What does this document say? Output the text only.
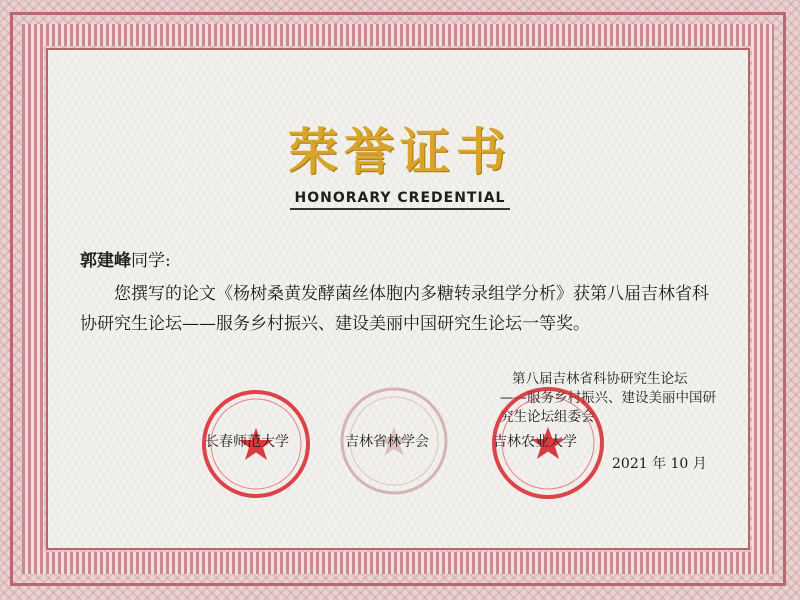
荣誉证书
HONORARY CREDENTIAL
郭建峰同学:
您撰写的论文《杨树桑黄发酵菌丝体胞内多糖转录组学分析》获第八届吉林省科协研究生论坛——服务乡村振兴、建设美丽中国研究生论坛一等奖。
第八届吉林省科协研究生论坛
——服务乡村振兴、建设美丽中国研究生论坛组委会
长春师范大学	吉林省林学会	吉林农业大学
2021 年 10 月
